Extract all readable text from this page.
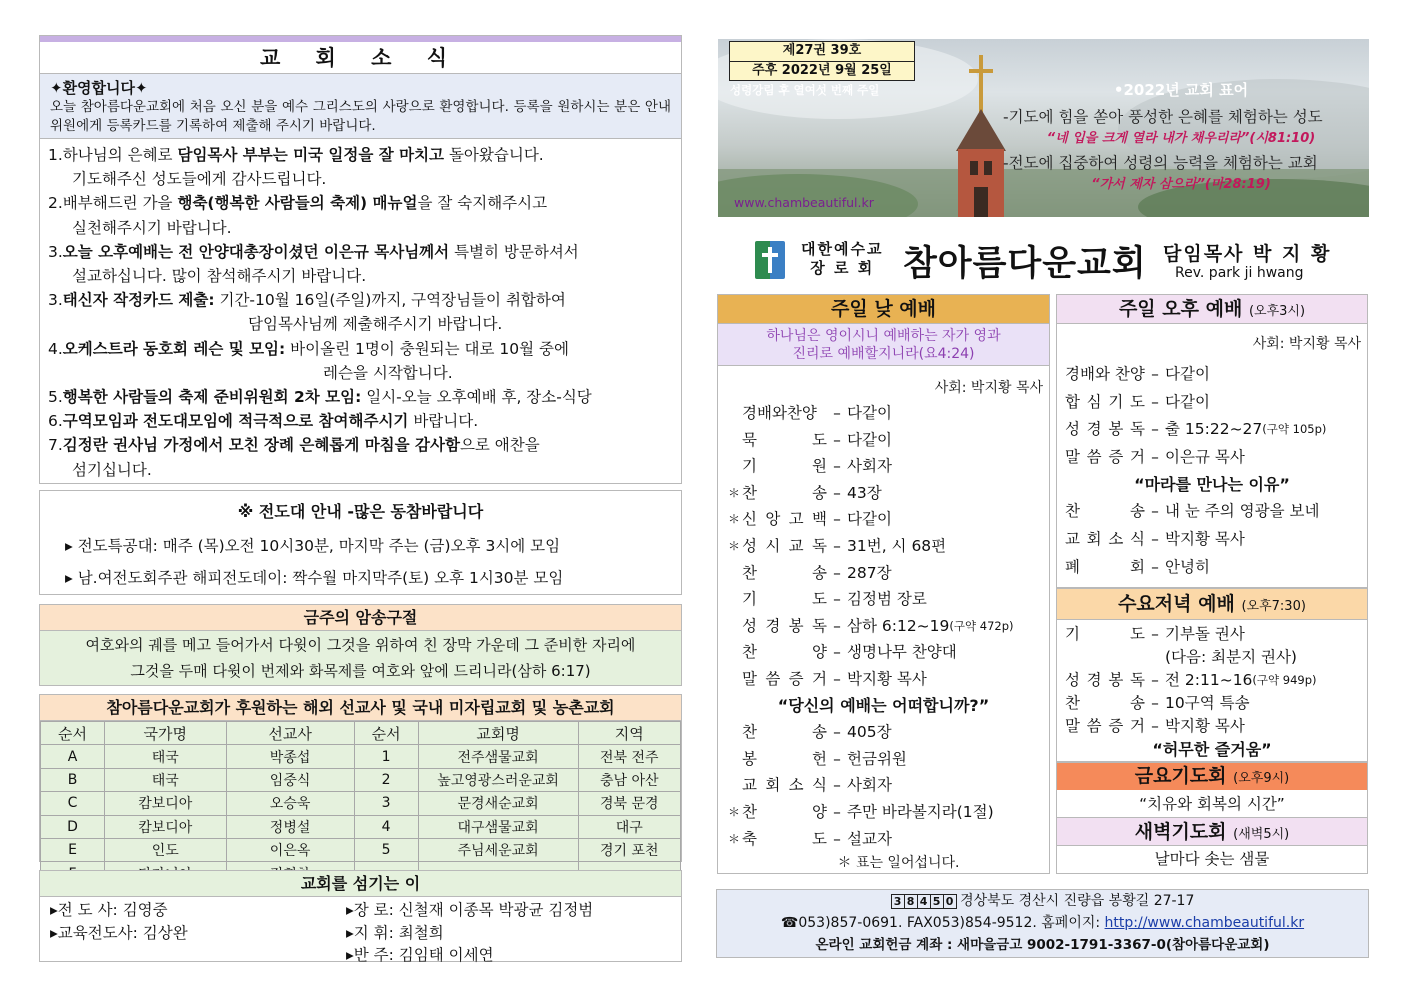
교 회 소 식
✦환영합니다✦
오늘 참아름다운교회에 처음 오신 분을 예수 그리스도의 사랑으로 환영합니다. 등록을 원하시는 분은 안내위원에게 등록카드를 기록하여 제출해 주시기 바랍니다.
1.하나님의 은혜로 담임목사 부부는 미국 일정을 잘 마치고 돌아왔습니다.
기도해주신 성도들에게 감사드립니다.
2.배부해드린 가을 행축(행복한 사람들의 축제) 매뉴얼을 잘 숙지해주시고
실천해주시기 바랍니다.
3.오늘 오후예배는 전 안양대총장이셨던 이은규 목사님께서 특별히 방문하셔서
설교하십니다. 많이 참석해주시기 바랍니다.
3.태신자 작정카드 제출: 기간-10월 16일(주일)까지, 구역장님들이 취합하여
담임목사님께 제출해주시기 바랍니다.
4.오케스트라 동호회 레슨 및 모임: 바이올린 1명이 충원되는 대로 10월 중에
레슨을 시작합니다.
5.행복한 사람들의 축제 준비위원회 2차 모임: 일시-오늘 오후예배 후, 장소-식당
6.구역모임과 전도대모임에 적극적으로 참여해주시기 바랍니다.
7.김정란 권사님 가정에서 모친 장례 은혜롭게 마침을 감사함으로 애찬을
섬기십니다.
※ 전도대 안내 -많은 동참바랍니다
▸ 전도특공대: 매주 (목)오전 10시30분, 마지막 주는 (금)오후 3시에 모임
▸ 남.여전도회주관 해피전도데이: 짝수월 마지막주(토) 오후 1시30분 모임
금주의 암송구절
여호와의 궤를 메고 들어가서 다윗이 그것을 위하여 친 장막 가운데 그 준비한 자리에
그것을 두매 다윗이 번제와 화목제를 여호와 앞에 드리니라(삼하 6:17)
참아름다운교회가 후원하는 해외 선교사 및 국내 미자립교회 및 농촌교회
순서	국가명	선교사	순서	교회명	지역
A	태국	박종섭	1	전주샘물교회	전북 전주
B	태국	임중식	2	높고영광스러운교회	충남 아산
C	캄보디아	오승욱	3	문경새순교회	경북 문경
D	캄보디아	정병설	4	대구샘물교회	대구
E	인도	이은옥	5	주님세운교회	경기 포천

교회를 섬기는 이
▸전 도 사: 김영중
▸교육전도사: 김상완
▸장 로: 신철재 이종목 박광균 김정범
▸지 휘: 최철희
▸반 주: 김임태 이세연
제27권 39호
주후 2022년 9월 25일
성령강림 후 열여섯 번째 주일	•2022년 교회 표어
-기도에 힘을 쏟아 풍성한 은혜를 체험하는 성도
“네 입을 크게 열라 내가 채우리라”(시81:10)
-전도에 집중하여 성령의 능력을 체험하는 교회
“가서 제자 삼으라”(마28:19)
www.chambeautiful.kr
대한예수교
장 로 회 참아름다운교회 담임목사 박 지 황
Rev. park ji hwang
주일 낮 예배
하나님은 영이시니 예배하는 자가 영과
진리로 예배할지니라(요4:24)
사회: 박지황 목사
경배와찬양	– 다같이
묵	도 – 다같이
기	원 – 사회자
＊ 찬	송 – 43장
＊ 신 앙 고 백 – 다같이
＊ 성 시 교 독 – 31번, 시 68편
찬	송 – 287장
기	도 – 김정범 장로
성 경 봉 독 – 삼하 6:12~19 (구약 472p)
찬	양 – 생명나무 찬양대
말 씀 증 거 – 박지황 목사
“당신의 예배는 어떠합니까?”
찬	송 – 405장
봉	헌 – 헌금위원
교 회 소 식 – 사회자
＊ 찬	양 – 주만 바라볼지라(1절)
＊ 축	도 – 설교자
＊ 표는 일어섭니다.
주일 오후 예배 (오후3시)
사회: 박지황 목사
경배와 찬양 – 다같이
합 심 기 도 – 다같이
성 경 봉 독 – 출 15:22~27 (구약 105p)
말 씀 증 거 – 이은규 목사
“마라를 만나는 이유”
찬	송 – 내 눈 주의 영광을 보네
교 회 소 식 – 박지황 목사
폐	회 – 안녕히
수요저녁 예배 (오후7:30)
기	도 – 기부돌 권사
(다음: 최분지 권사)
성 경 봉 독 – 전 2:11~16 (구약 949p)
찬	송 – 10구역 특송
말 씀 증 거 – 박지황 목사
“허무한 즐거움”
금요기도회 (오후9시)
“치유와 회복의 시간”
새벽기도회 (새벽5시)
날마다 솟는 샘물
3 8 4 5 0 경상북도 경산시 진량읍 봉황길 27-17
☎053)857-0691. FAX053)854-9512. 홈페이지: http://www.chambeautiful.kr
온라인 교회헌금 계좌 : 새마을금고 9002-1791-3367-0(참아름다운교회)
